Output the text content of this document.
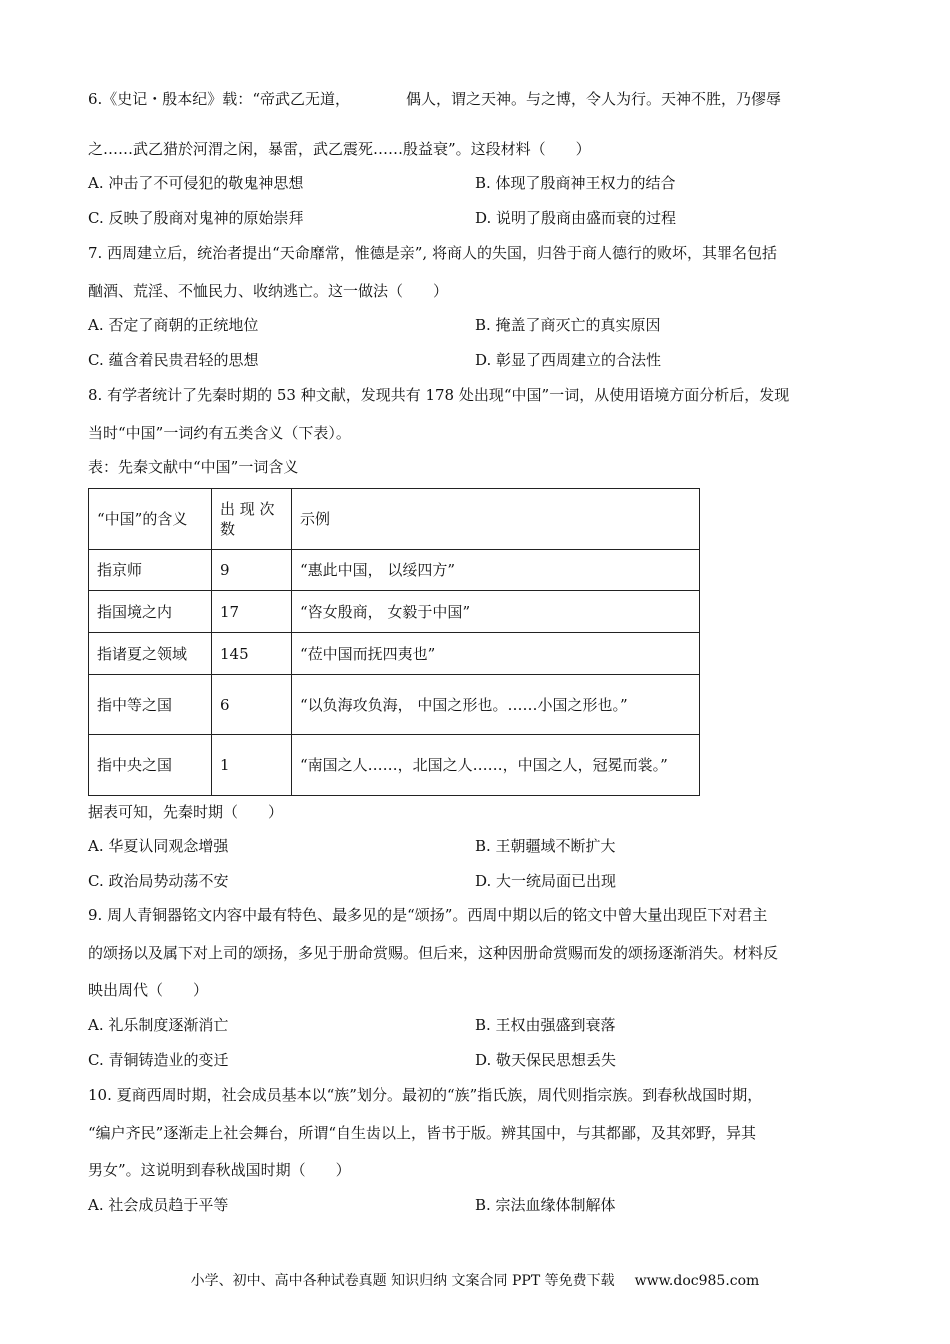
6.《史记・殷本纪》载：“帝武乙无道，	偶人，谓之天神。与之博，令人为行。天神不胜，乃僇辱
之……武乙猎於河渭之闲，暴雷，武乙震死……殷益衰”。这段材料（　　）
A. 冲击了不可侵犯的敬鬼神思想	B. 体现了殷商神王权力的结合
C. 反映了殷商对鬼神的原始崇拜	D. 说明了殷商由盛而衰的过程
7. 西周建立后，统治者提出“天命靡常，惟德是亲”, 将商人的失国，归咎于商人德行的败坏，其罪名包括
酗酒、荒淫、不恤民力、收纳逃亡。这一做法（　　）
A. 否定了商朝的正统地位	B. 掩盖了商灭亡的真实原因
C. 蕴含着民贵君轻的思想	D. 彰显了西周建立的合法性
8. 有学者统计了先秦时期的 53 种文献，发现共有 178 处出现“中国”一词，从使用语境方面分析后，发现
当时“中国”一词约有五类含义（下表）。
表：先秦文献中“中国”一词含义
“中国”的含义	出 现 次数	示例
指京师	9	“惠此中国， 以绥四方”
指国境之内	17	“咨女殷商， 女毅于中国”
指诸夏之领域	145	“莅中国而抚四夷也”
指中等之国	6	“以负海攻负海， 中国之形也。……小国之形也。”
指中央之国	1	“南国之人……，北国之人……，中国之人，冠冕而裳。”
据表可知，先秦时期（　　）
A. 华夏认同观念增强	B. 王朝疆域不断扩大
C. 政治局势动荡不安	D. 大一统局面已出现
9. 周人青铜器铭文内容中最有特色、最多见的是“颂扬”。西周中期以后的铭文中曾大量出现臣下对君主
的颂扬以及属下对上司的颂扬，多见于册命赏赐。但后来，这种因册命赏赐而发的颂扬逐渐消失。材料反
映出周代（　　）
A. 礼乐制度逐渐消亡	B. 王权由强盛到衰落
C. 青铜铸造业的变迁	D. 敬天保民思想丢失
10. 夏商西周时期，社会成员基本以“族”划分。最初的“族”指氏族，周代则指宗族。到春秋战国时期，
“编户齐民”逐渐走上社会舞台，所谓“自生齿以上，皆书于版。辨其国中，与其都鄙，及其郊野，异其
男女”。这说明到春秋战国时期（　　）
A. 社会成员趋于平等	B. 宗法血缘体制解体
小学、初中、高中各种试卷真题 知识归纳 文案合同 PPT 等免费下载 www.doc985.com
